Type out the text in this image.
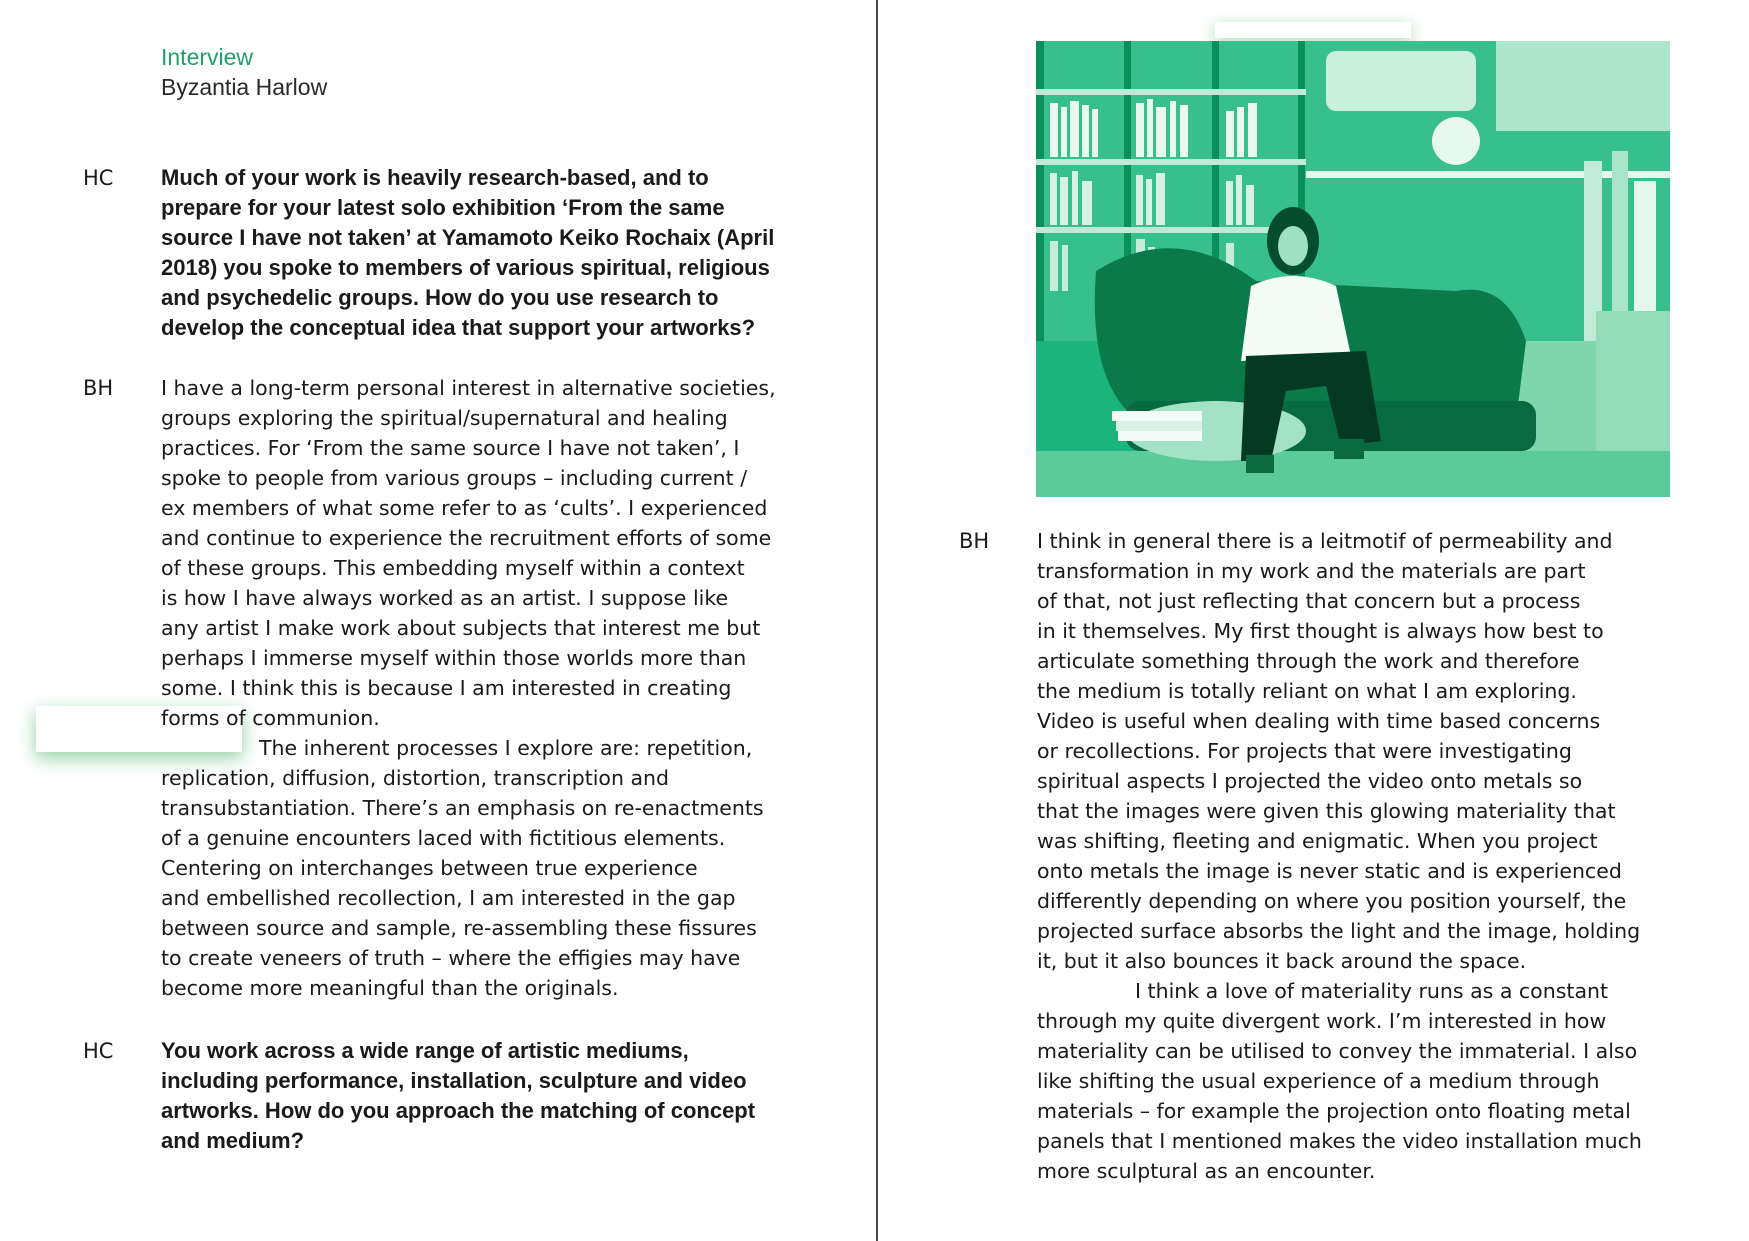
Interview
Byzantia Harlow
HC Much of your work is heavily research-based, and to
prepare for your latest solo exhibition ‘From the same
source I have not taken’ at Yamamoto Keiko Rochaix (April
2018) you spoke to members of various spiritual, religious
and psychedelic groups. How do you use research to
develop the conceptual idea that support your artworks?
BH I have a long-term personal interest in alternative societies,
groups exploring the spiritual/supernatural and healing
practices. For ‘From the same source I have not taken’, I
spoke to people from various groups – including current /
ex members of what some refer to as ‘cults’. I experienced
and continue to experience the recruitment efforts of some
of these groups. This embedding myself within a context
is how I have always worked as an artist. I suppose like
any artist I make work about subjects that interest me but
perhaps I immerse myself within those worlds more than
some. I think this is because I am interested in creating
forms of communion.

The inherent processes I explore are: repetition,
replication, diffusion, distortion, transcription and
transubstantiation. There’s an emphasis on re-enactments
of a genuine encounters laced with fictitious elements.
Centering on interchanges between true experience
and embellished recollection, I am interested in the gap
between source and sample, re-assembling these fissures
to create veneers of truth – where the effigies may have
become more meaningful than the originals.

HC You work across a wide range of artistic mediums,
including performance, installation, sculpture and video
artworks. How do you approach the matching of concept
and medium?
BH I think in general there is a leitmotif of permeability and
transformation in my work and the materials are part
of that, not just reflecting that concern but a process
in it themselves. My first thought is always how best to
articulate something through the work and therefore
the medium is totally reliant on what I am exploring.
Video is useful when dealing with time based concerns
or recollections. For projects that were investigating
spiritual aspects I projected the video onto metals so
that the images were given this glowing materiality that
was shifting, fleeting and enigmatic. When you project
onto metals the image is never static and is experienced
differently depending on where you position yourself, the
projected surface absorbs the light and the image, holding
it, but it also bounces it back around the space.

I think a love of materiality runs as a constant
through my quite divergent work. I’m interested in how
materiality can be utilised to convey the immaterial. I also
like shifting the usual experience of a medium through
materials – for example the projection onto floating metal
panels that I mentioned makes the video installation much
more sculptural as an encounter.
